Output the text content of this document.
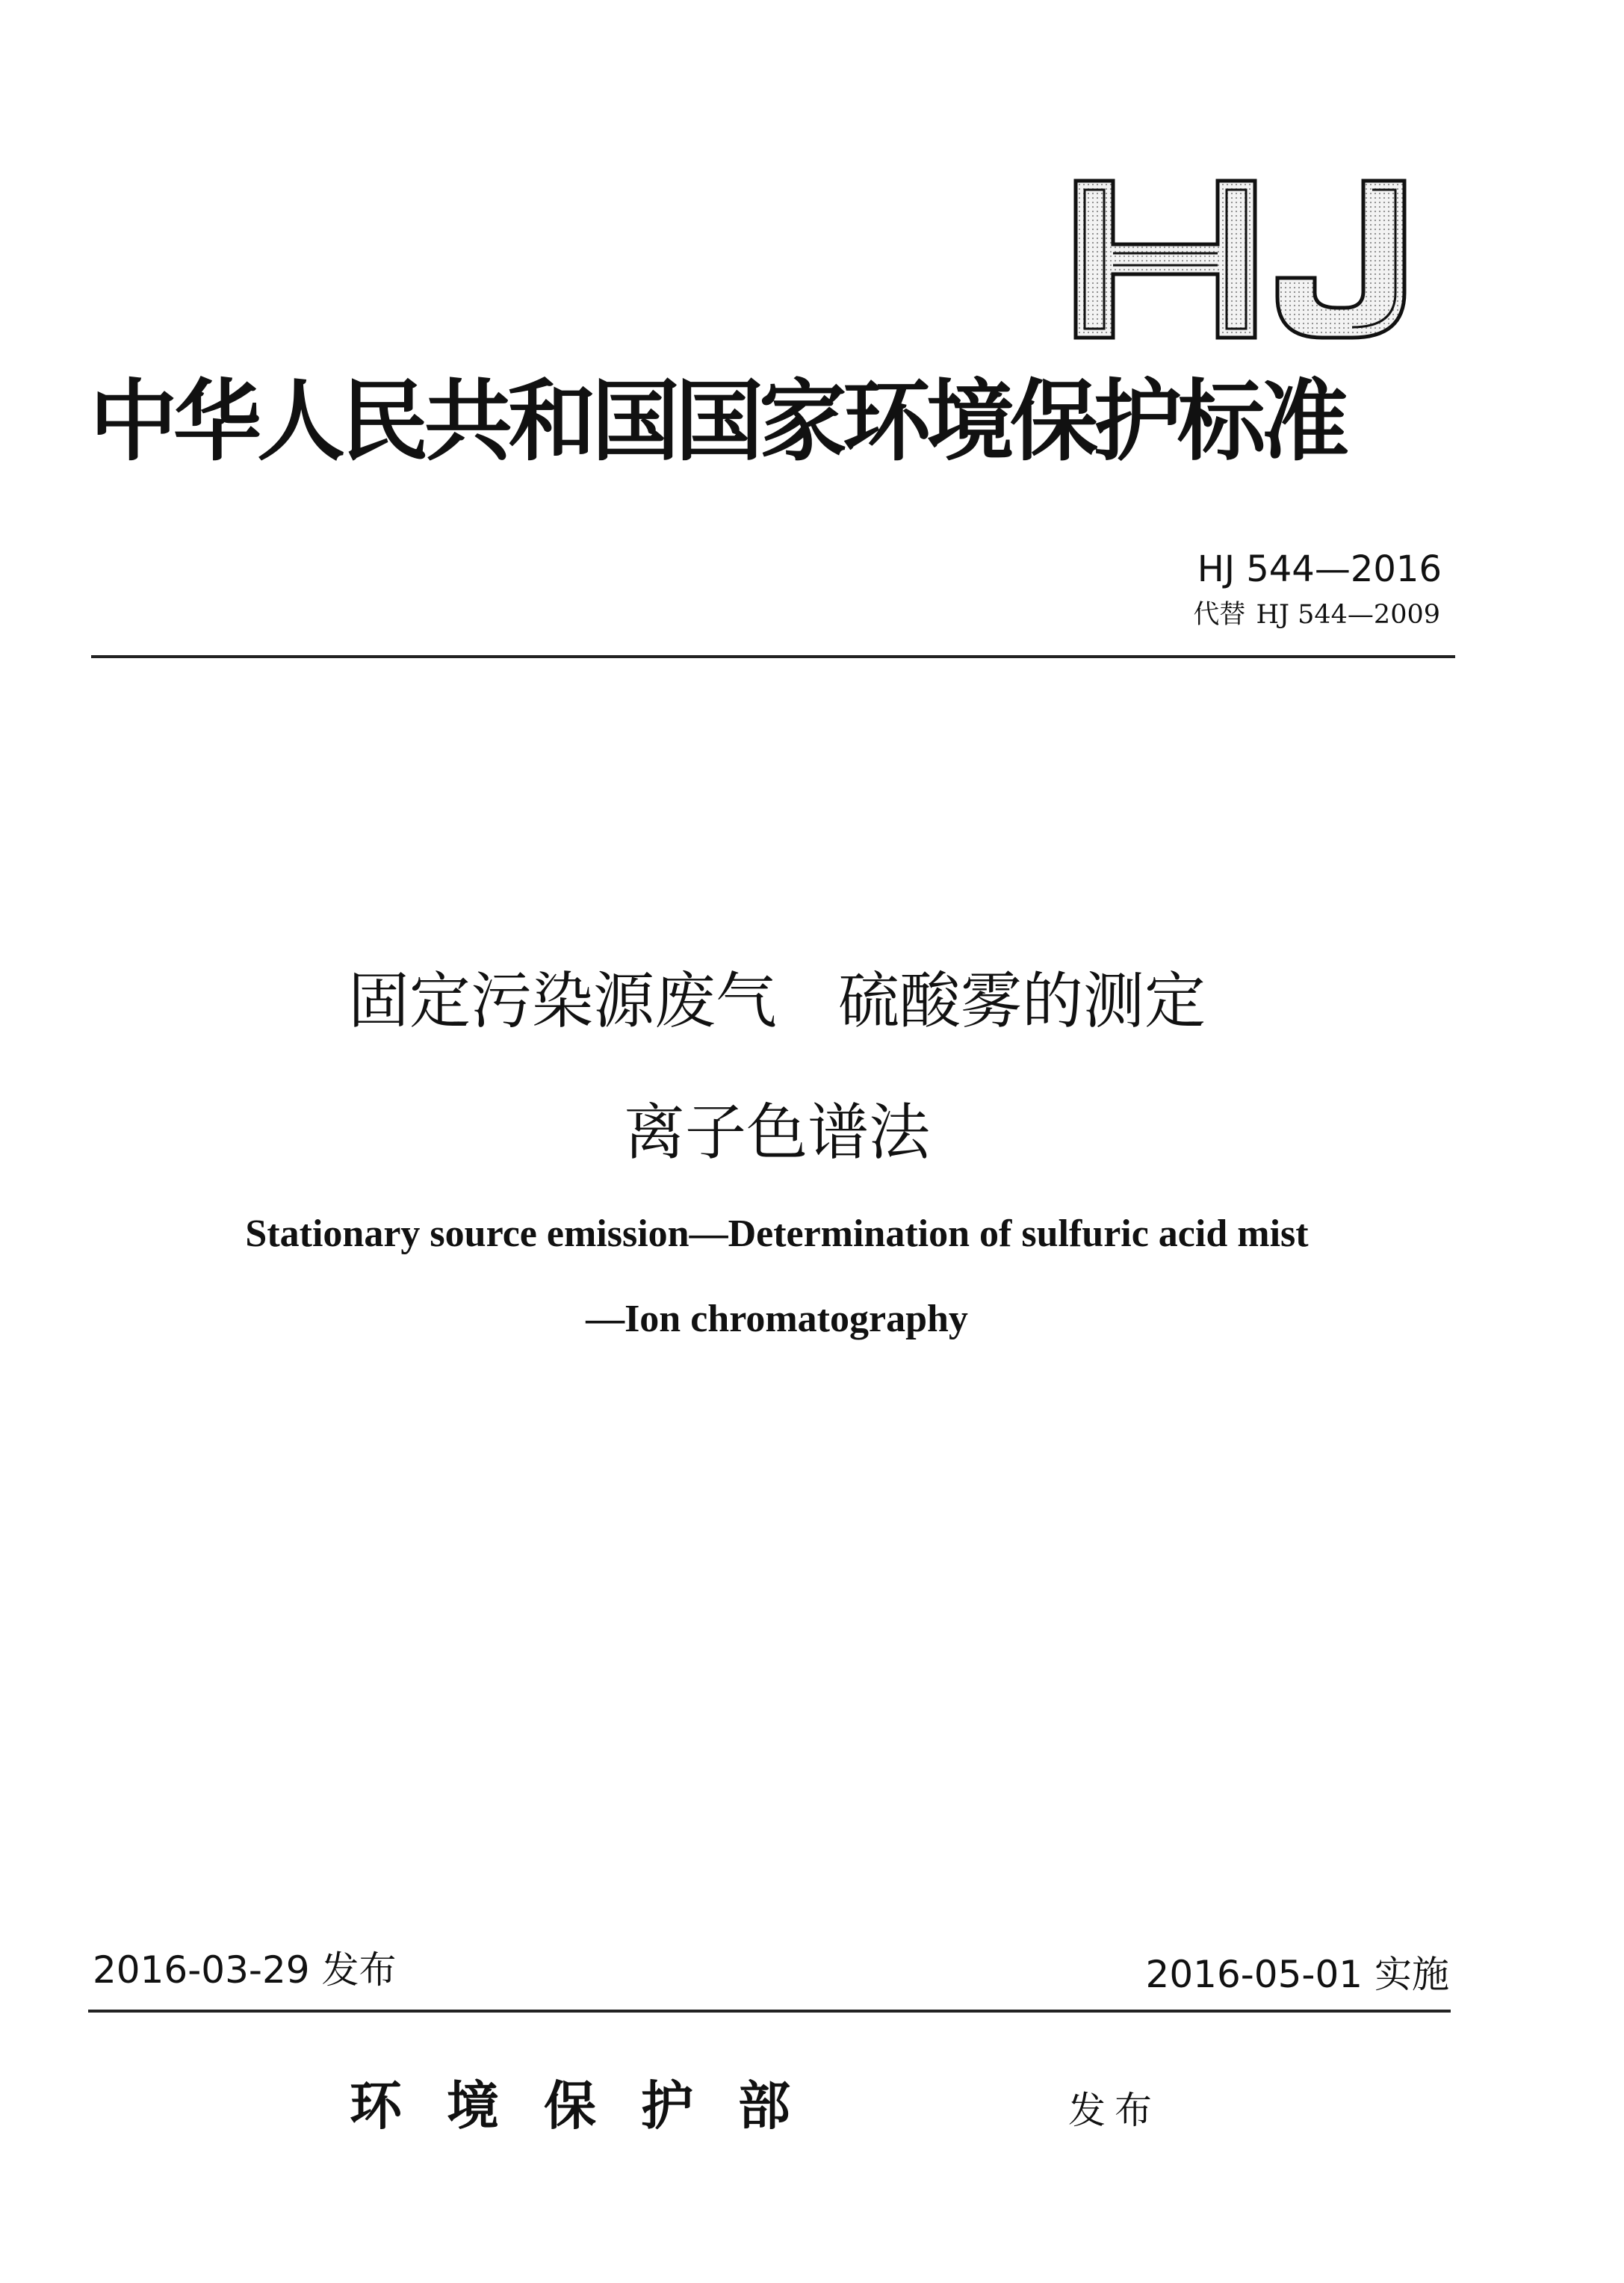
中华人民共和国国家环境保护标准
HJ 544—2016
代替 HJ 544—2009
固定污染源废气　硫酸雾的测定
离子色谱法
Stationary source emission—Determination of sulfuric acid mist
—Ion chromatography
2016-03-29 发布	2016-05-01 实施
环境保护部	发布
